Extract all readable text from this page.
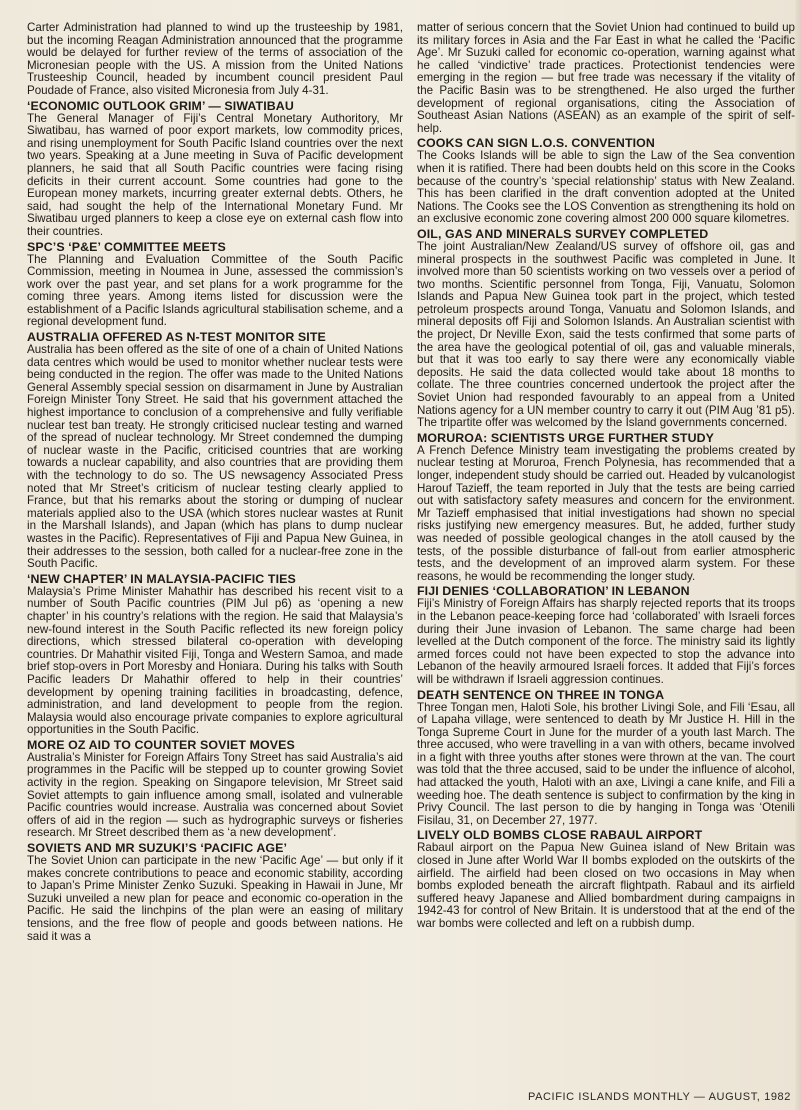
Carter Administration had planned to wind up the trusteeship by 1981, but the incoming Reagan Administration announced that the programme would be delayed for further review of the terms of association of the Micronesian people with the US. A mission from the United Nations Trusteeship Council, headed by incumbent council president Paul Poudade of France, also visited Micronesia from July 4-31.

‘ECONOMIC OUTLOOK GRIM’ — SIWATIBAU

The General Manager of Fiji’s Central Monetary Authoritory, Mr Siwatibau, has warned of poor export markets, low commodity prices, and rising unemployment for South Pacific Island countries over the next two years. Speaking at a June meeting in Suva of Pacific development planners, he said that all South Pacific countries were facing rising deficits in their current account. Some countries had gone to the European money markets, incurring greater external debts. Others, he said, had sought the help of the International Monetary Fund. Mr Siwatibau urged planners to keep a close eye on external cash flow into their countries.

SPC’S ‘P&E’ COMMITTEE MEETS

The Planning and Evaluation Committee of the South Pacific Commission, meeting in Noumea in June, assessed the commission’s work over the past year, and set plans for a work programme for the coming three years. Among items listed for discussion were the establishment of a Pacific Islands agricultural stabilisation scheme, and a regional development fund.

AUSTRALIA OFFERED AS N-TEST MONITOR SITE

Australia has been offered as the site of one of a chain of United Nations data centres which would be used to monitor whether nuclear tests were being conducted in the region. The offer was made to the United Nations General Assembly special session on disarmament in June by Australian Foreign Minister Tony Street. He said that his government attached the highest importance to conclusion of a comprehensive and fully verifiable nuclear test ban treaty. He strongly criticised nuclear testing and warned of the spread of nuclear technology. Mr Street condemned the dumping of nuclear waste in the Pacific, criticised countries that are working towards a nuclear capability, and also countries that are providing them with the technology to do so. The US newsagency Associated Press noted that Mr Street’s criticism of nuclear testing clearly applied to France, but that his remarks about the storing or dumping of nuclear materials applied also to the USA (which stores nuclear wastes at Runit in the Marshall Islands), and Japan (which has plans to dump nuclear wastes in the Pacific). Representatives of Fiji and Papua New Guinea, in their addresses to the session, both called for a nuclear-free zone in the South Pacific.

‘NEW CHAPTER’ IN MALAYSIA-PACIFIC TIES

Malaysia’s Prime Minister Mahathir has described his recent visit to a number of South Pacific countries (PIM Jul p6) as ‘opening a new chapter’ in his country’s relations with the region. He said that Malaysia’s new-found interest in the South Pacific reflected its new foreign policy directions, which stressed bilateral co-operation with developing countries. Dr Mahathir visited Fiji, Tonga and Western Samoa, and made brief stop-overs in Port Moresby and Honiara. During his talks with South Pacific leaders Dr Mahathir offered to help in their countries’ development by opening training facilities in broadcasting, defence, administration, and land development to people from the region. Malaysia would also encourage private companies to explore agricultural opportunities in the South Pacific.

MORE OZ AID TO COUNTER SOVIET MOVES

Australia’s Minister for Foreign Affairs Tony Street has said Australia’s aid programmes in the Pacific will be stepped up to counter growing Soviet activity in the region. Speaking on Singapore television, Mr Street said Soviet attempts to gain influence among small, isolated and vulnerable Pacific countries would increase. Australia was concerned about Soviet offers of aid in the region — such as hydrographic surveys or fisheries research. Mr Street described them as ‘a new development’.

SOVIETS AND MR SUZUKI’S ‘PACIFIC AGE’

The Soviet Union can participate in the new ‘Pacific Age’ — but only if it makes concrete contributions to peace and economic stability, according to Japan’s Prime Minister Zenko Suzuki. Speaking in Hawaii in June, Mr Suzuki unveiled a new plan for peace and economic co-operation in the Pacific. He said the linchpins of the plan were an easing of military tensions, and the free flow of people and goods between nations. He said it was a

matter of serious concern that the Soviet Union had continued to build up its military forces in Asia and the Far East in what he called the ‘Pacific Age’. Mr Suzuki called for economic co-operation, warning against what he called ‘vindictive’ trade practices. Protectionist tendencies were emerging in the region — but free trade was necessary if the vitality of the Pacific Basin was to be strengthened. He also urged the further development of regional organisations, citing the Association of Southeast Asian Nations (ASEAN) as an example of the spirit of self-help.

COOKS CAN SIGN L.O.S. CONVENTION

The Cooks Islands will be able to sign the Law of the Sea convention when it is ratified. There had been doubts held on this score in the Cooks because of the country’s ‘special relationship’ status with New Zealand. This has been clarified in the draft convention adopted at the United Nations. The Cooks see the LOS Convention as strengthening its hold on an exclusive economic zone covering almost 200 000 square kilometres.

OIL, GAS AND MINERALS SURVEY COMPLETED

The joint Australian/New Zealand/US survey of offshore oil, gas and mineral prospects in the southwest Pacific was completed in June. It involved more than 50 scientists working on two vessels over a period of two months. Scientific personnel from Tonga, Fiji, Vanuatu, Solomon Islands and Papua New Guinea took part in the project, which tested petroleum prospects around Tonga, Vanuatu and Solomon Islands, and mineral deposits off Fiji and Solomon Islands. An Australian scientist with the project, Dr Neville Exon, said the tests confirmed that some parts of the area have the geological potential of oil, gas and valuable minerals, but that it was too early to say there were any economically viable deposits. He said the data collected would take about 18 months to collate. The three countries concerned undertook the project after the Soviet Union had responded favourably to an appeal from a United Nations agency for a UN member country to carry it out (PIM Aug ’81 p5). The tripartite offer was welcomed by the Island governments concerned.

MORUROA: SCIENTISTS URGE FURTHER STUDY

A French Defence Ministry team investigating the problems created by nuclear testing at Moruroa, French Polynesia, has recommended that a longer, independent study should be carried out. Headed by vulcanologist Harouf Tazieff, the team reported in July that the tests are being carried out with satisfactory safety measures and concern for the environment. Mr Tazieff emphasised that initial investigations had shown no special risks justifying new emergency measures. But, he added, further study was needed of possible geological changes in the atoll caused by the tests, of the possible disturbance of fall-out from earlier atmospheric tests, and the development of an improved alarm system. For these reasons, he would be recommending the longer study.

FIJI DENIES ‘COLLABORATION’ IN LEBANON

Fiji’s Ministry of Foreign Affairs has sharply rejected reports that its troops in the Lebanon peace-keeping force had ‘collaborated’ with Israeli forces during their June invasion of Lebanon. The same charge had been levelled at the Dutch component of the force. The ministry said its lightly armed forces could not have been expected to stop the advance into Lebanon of the heavily armoured Israeli forces. It added that Fiji’s forces will be withdrawn if Israeli aggression continues.

DEATH SENTENCE ON THREE IN TONGA

Three Tongan men, Haloti Sole, his brother Livingi Sole, and Fili ‘Esau, all of Lapaha village, were sentenced to death by Mr Justice H. Hill in the Tonga Supreme Court in June for the murder of a youth last March. The three accused, who were travelling in a van with others, became involved in a fight with three youths after stones were thrown at the van. The court was told that the three accused, said to be under the influence of alcohol, had attacked the youth, Haloti with an axe, Livingi a cane knife, and Fili a weeding hoe. The death sentence is subject to confirmation by the king in Privy Council. The last person to die by hanging in Tonga was ‘Otenili Fisilau, 31, on December 27, 1977.

LIVELY OLD BOMBS CLOSE RABAUL AIRPORT

Rabaul airport on the Papua New Guinea island of New Britain was closed in June after World War II bombs exploded on the outskirts of the airfield. The airfield had been closed on two occasions in May when bombs exploded beneath the aircraft flightpath. Rabaul and its airfield suffered heavy Japanese and Allied bombardment during campaigns in 1942-43 for control of New Britain. It is understood that at the end of the war bombs were collected and left on a rubbish dump.

PACIFIC ISLANDS MONTHLY — AUGUST, 1982
